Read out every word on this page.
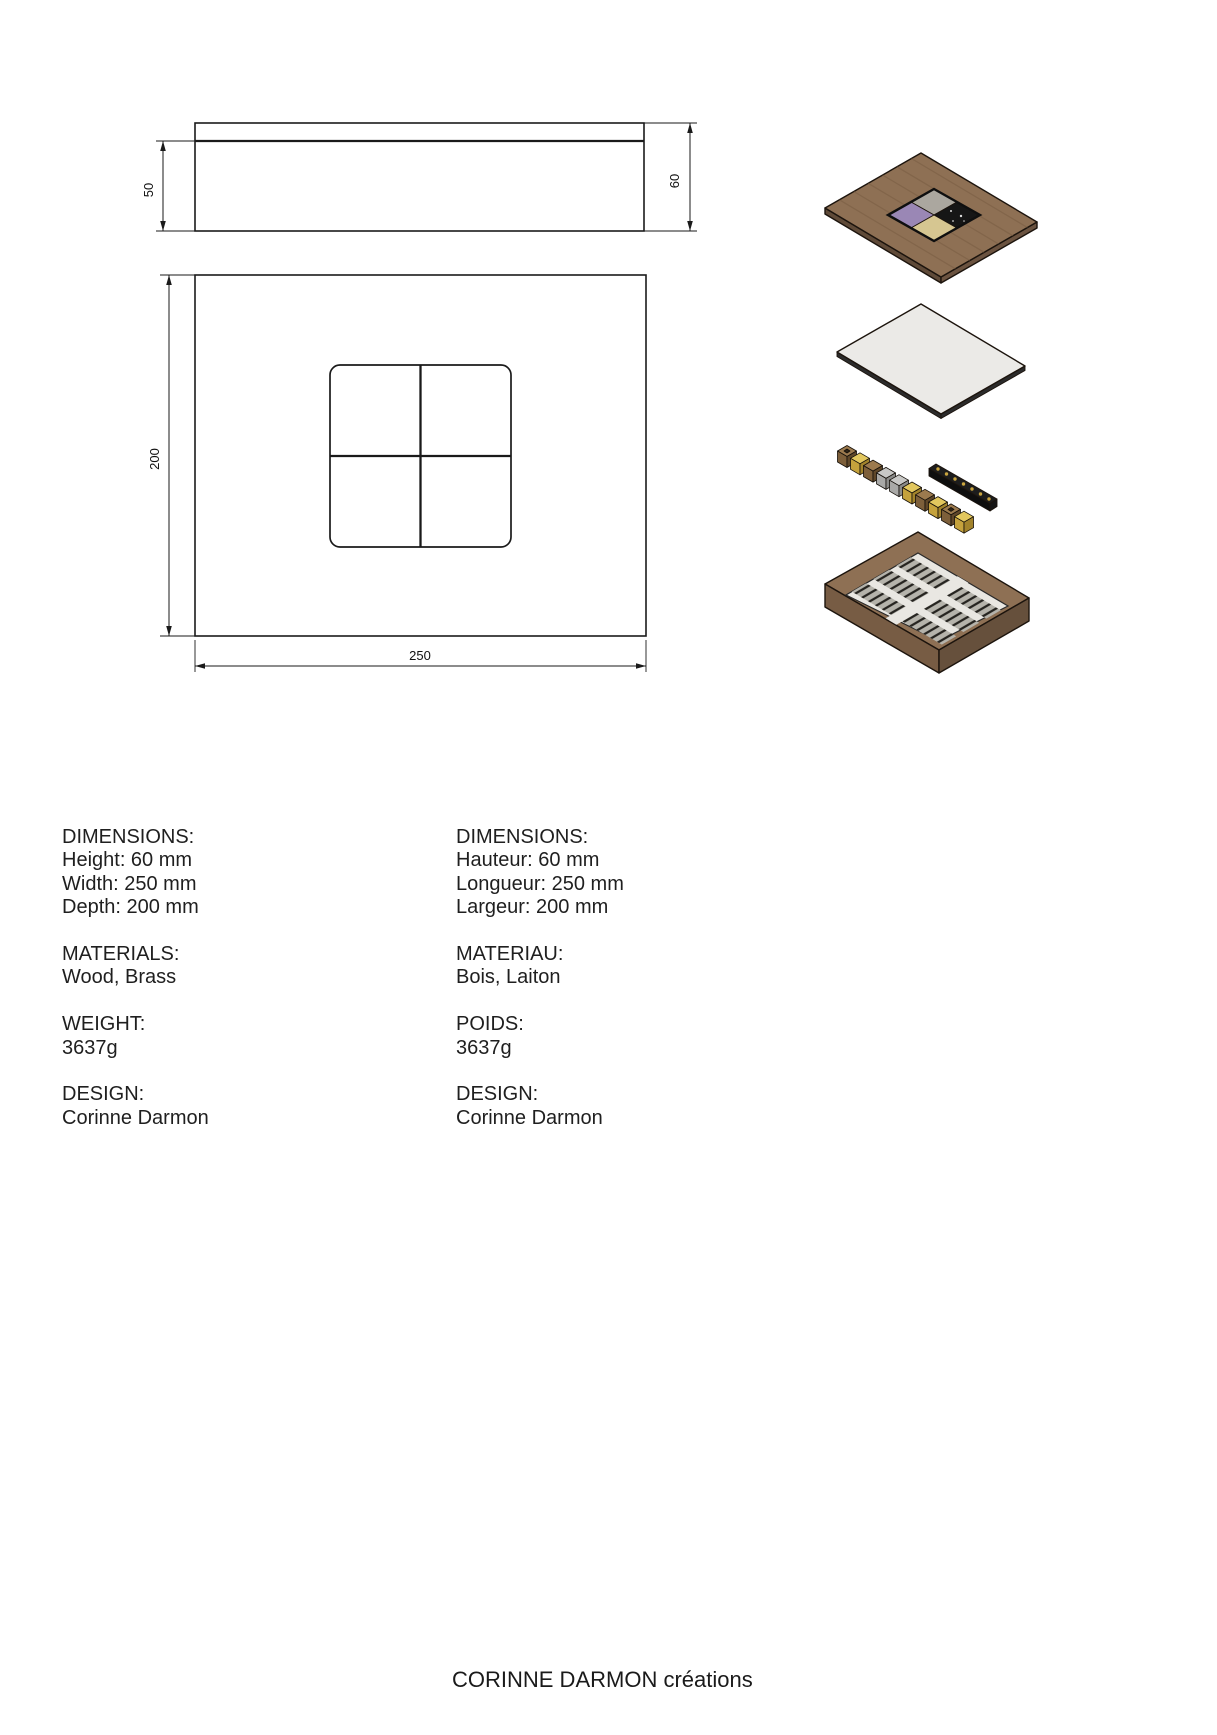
50
60
200
250
DIMENSIONS:
Height: 60 mm
Width: 250 mm
Depth: 200 mm
MATERIALS:
Wood, Brass
WEIGHT:
3637g
DESIGN:
Corinne Darmon
DIMENSIONS:
Hauteur: 60 mm
Longueur: 250 mm
Largeur: 200 mm
MATERIAU:
Bois, Laiton
POIDS:
3637g
DESIGN:
Corinne Darmon
CORINNE DARMON créations
